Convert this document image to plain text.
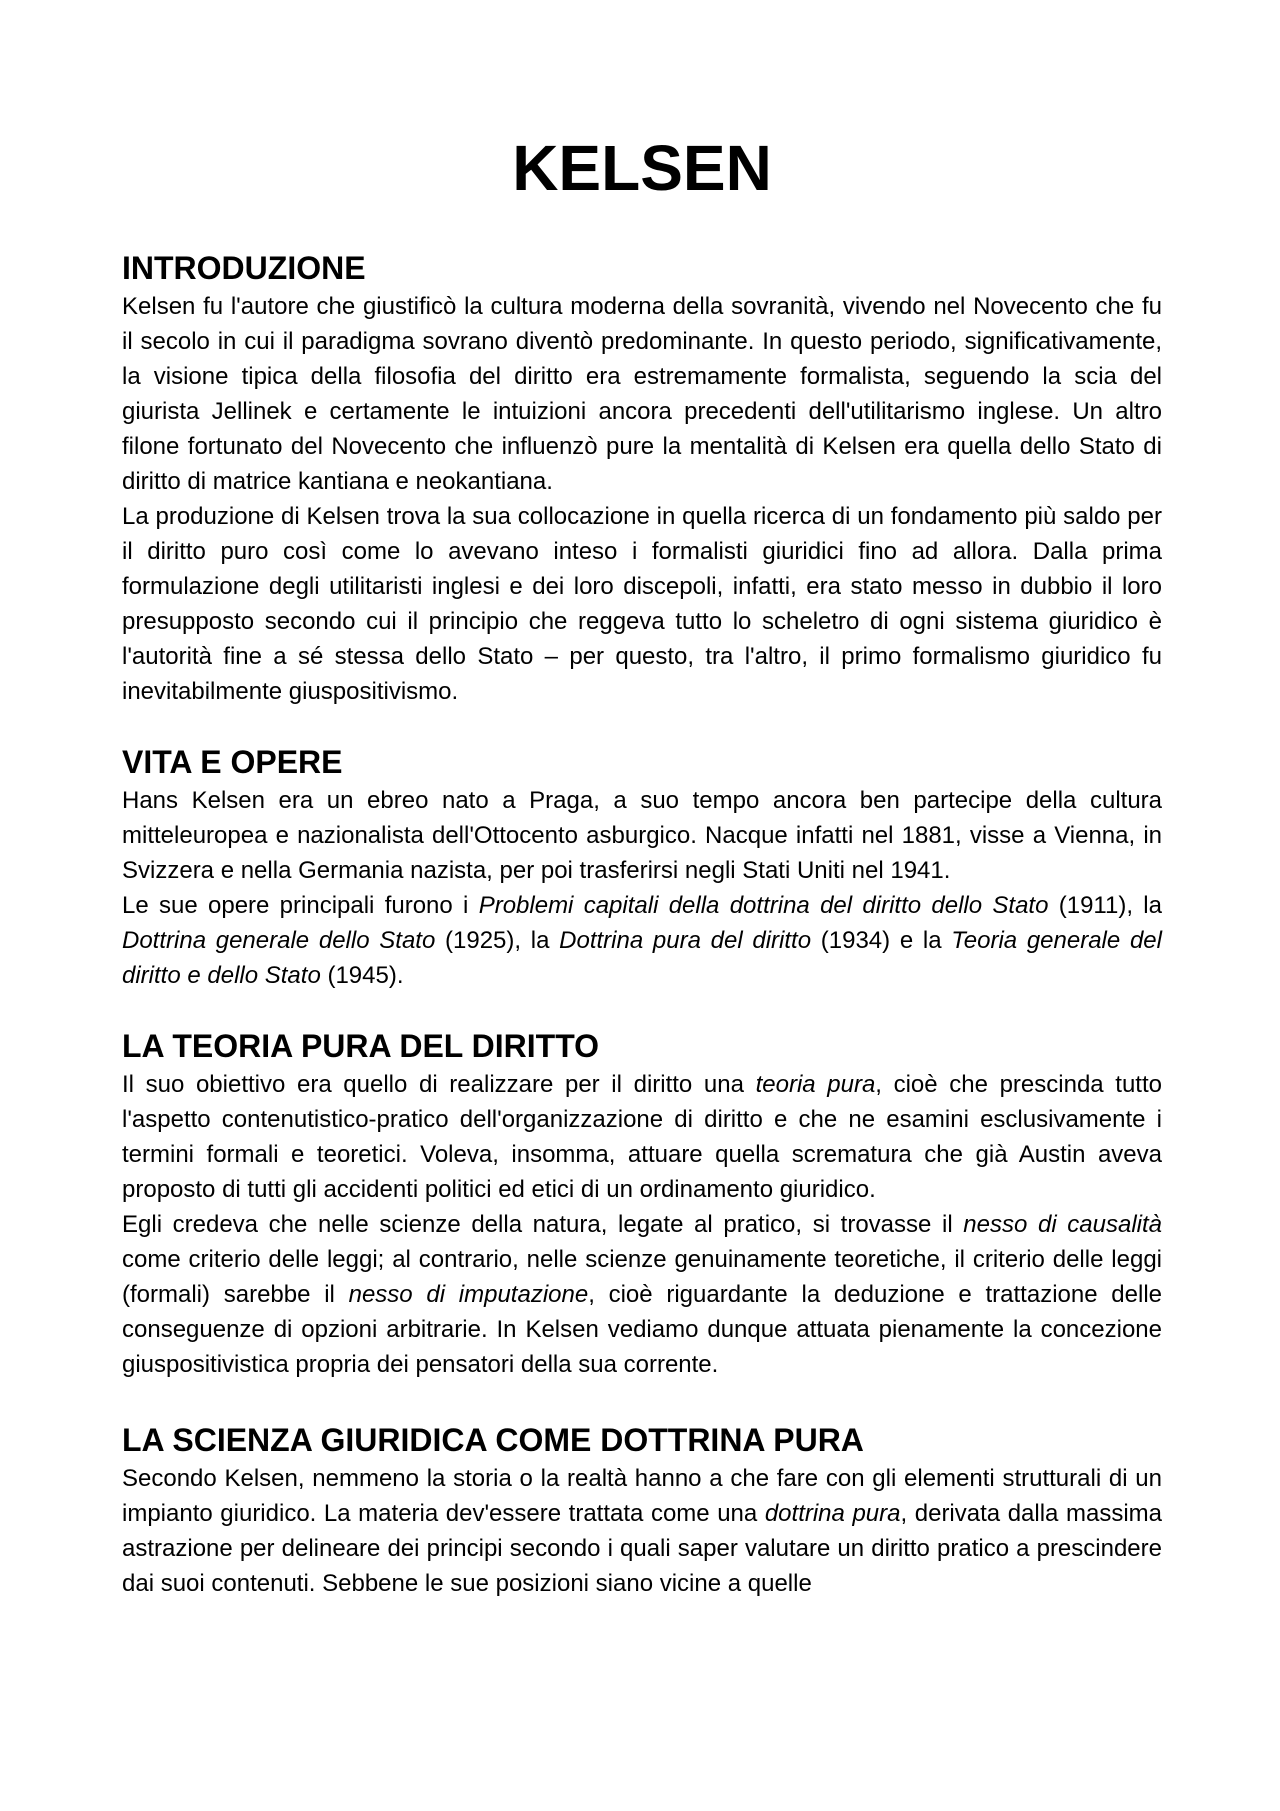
KELSEN
INTRODUZIONE

Kelsen fu l'autore che giustificò la cultura moderna della sovranità, vivendo nel Novecento che fu il secolo in cui il paradigma sovrano diventò predominante. In questo periodo, significativamente, la visione tipica della filosofia del diritto era estremamente formalista, seguendo la scia del giurista Jellinek e certamente le intuizioni ancora precedenti dell'utilitarismo inglese. Un altro filone fortunato del Novecento che influenzò pure la mentalità di Kelsen era quella dello Stato di diritto di matrice kantiana e neokantiana.

La produzione di Kelsen trova la sua collocazione in quella ricerca di un fondamento più saldo per il diritto puro così come lo avevano inteso i formalisti giuridici fino ad allora. Dalla prima formulazione degli utilitaristi inglesi e dei loro discepoli, infatti, era stato messo in dubbio il loro presupposto secondo cui il principio che reggeva tutto lo scheletro di ogni sistema giuridico è l'autorità fine a sé stessa dello Stato – per questo, tra l'altro, il primo formalismo giuridico fu inevitabilmente giuspositivismo.

VITA E OPERE

Hans Kelsen era un ebreo nato a Praga, a suo tempo ancora ben partecipe della cultura mitteleuropea e nazionalista dell'Ottocento asburgico. Nacque infatti nel 1881, visse a Vienna, in Svizzera e nella Germania nazista, per poi trasferirsi negli Stati Uniti nel 1941.

Le sue opere principali furono i Problemi capitali della dottrina del diritto dello Stato (1911), la Dottrina generale dello Stato (1925), la Dottrina pura del diritto (1934) e la Teoria generale del diritto e dello Stato (1945).

LA TEORIA PURA DEL DIRITTO

Il suo obiettivo era quello di realizzare per il diritto una teoria pura, cioè che prescinda tutto l'aspetto contenutistico-pratico dell'organizzazione di diritto e che ne esamini esclusivamente i termini formali e teoretici. Voleva, insomma, attuare quella scrematura che già Austin aveva proposto di tutti gli accidenti politici ed etici di un ordinamento giuridico.

Egli credeva che nelle scienze della natura, legate al pratico, si trovasse il nesso di causalità come criterio delle leggi; al contrario, nelle scienze genuinamente teoretiche, il criterio delle leggi (formali) sarebbe il nesso di imputazione, cioè riguardante la deduzione e trattazione delle conseguenze di opzioni arbitrarie. In Kelsen vediamo dunque attuata pienamente la concezione giuspositivistica propria dei pensatori della sua corrente.

LA SCIENZA GIURIDICA COME DOTTRINA PURA

Secondo Kelsen, nemmeno la storia o la realtà hanno a che fare con gli elementi strutturali di un impianto giuridico. La materia dev'essere trattata come una dottrina pura, derivata dalla massima astrazione per delineare dei principi secondo i quali saper valutare un diritto pratico a prescindere dai suoi contenuti. Sebbene le sue posizioni siano vicine a quelle
